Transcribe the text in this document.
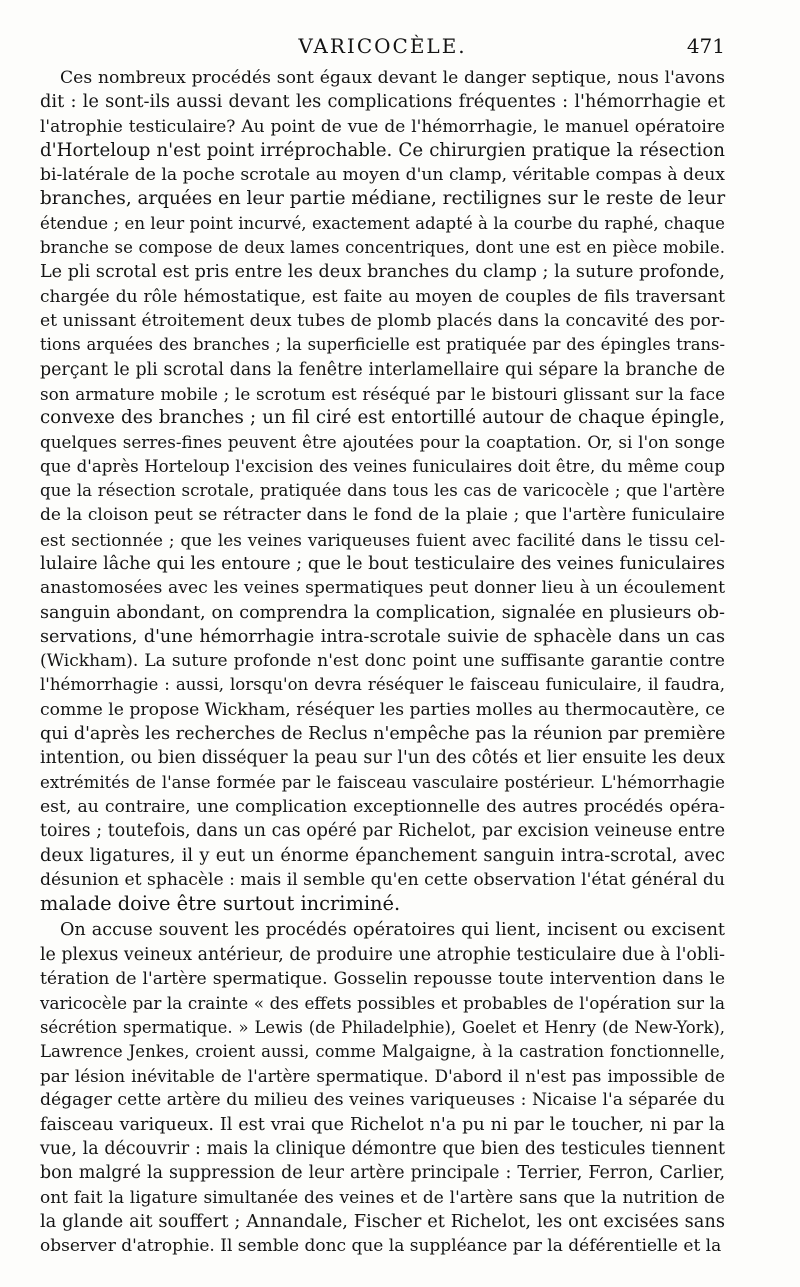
VARICOCÈLE.	471
Ces nombreux procédés sont égaux devant le danger septique, nous l'avons
dit : le sont-ils aussi devant les complications fréquentes : l'hémorrhagie et
l'atrophie testiculaire? Au point de vue de l'hémorrhagie, le manuel opératoire
d'Horteloup n'est point irréprochable. Ce chirurgien pratique la résection
bi-latérale de la poche scrotale au moyen d'un clamp, véritable compas à deux
branches, arquées en leur partie médiane, rectilignes sur le reste de leur
étendue ; en leur point incurvé, exactement adapté à la courbe du raphé, chaque
branche se compose de deux lames concentriques, dont une est en pièce mobile.
Le pli scrotal est pris entre les deux branches du clamp ; la suture profonde,
chargée du rôle hémostatique, est faite au moyen de couples de fils traversant
et unissant étroitement deux tubes de plomb placés dans la concavité des por-
tions arquées des branches ; la superficielle est pratiquée par des épingles trans-
perçant le pli scrotal dans la fenêtre interlamellaire qui sépare la branche de
son armature mobile ; le scrotum est réséqué par le bistouri glissant sur la face
convexe des branches ; un fil ciré est entortillé autour de chaque épingle,
quelques serres-fines peuvent être ajoutées pour la coaptation. Or, si l'on songe
que d'après Horteloup l'excision des veines funiculaires doit être, du même coup
que la résection scrotale, pratiquée dans tous les cas de varicocèle ; que l'artère
de la cloison peut se rétracter dans le fond de la plaie ; que l'artère funiculaire
est sectionnée ; que les veines variqueuses fuient avec facilité dans le tissu cel-
lulaire lâche qui les entoure ; que le bout testiculaire des veines funiculaires
anastomosées avec les veines spermatiques peut donner lieu à un écoulement
sanguin abondant, on comprendra la complication, signalée en plusieurs ob-
servations, d'une hémorrhagie intra-scrotale suivie de sphacèle dans un cas
(Wickham). La suture profonde n'est donc point une suffisante garantie contre
l'hémorrhagie : aussi, lorsqu'on devra réséquer le faisceau funiculaire, il faudra,
comme le propose Wickham, réséquer les parties molles au thermocautère, ce
qui d'après les recherches de Reclus n'empêche pas la réunion par première
intention, ou bien disséquer la peau sur l'un des côtés et lier ensuite les deux
extrémités de l'anse formée par le faisceau vasculaire postérieur. L'hémorrhagie
est, au contraire, une complication exceptionnelle des autres procédés opéra-
toires ; toutefois, dans un cas opéré par Richelot, par excision veineuse entre
deux ligatures, il y eut un énorme épanchement sanguin intra-scrotal, avec
désunion et sphacèle : mais il semble qu'en cette observation l'état général du
malade doive être surtout incriminé.
On accuse souvent les procédés opératoires qui lient, incisent ou excisent
le plexus veineux antérieur, de produire une atrophie testiculaire due à l'obli-
tération de l'artère spermatique. Gosselin repousse toute intervention dans le
varicocèle par la crainte « des effets possibles et probables de l'opération sur la
sécrétion spermatique. » Lewis (de Philadelphie), Goelet et Henry (de New-York),
Lawrence Jenkes, croient aussi, comme Malgaigne, à la castration fonctionnelle,
par lésion inévitable de l'artère spermatique. D'abord il n'est pas impossible de
dégager cette artère du milieu des veines variqueuses : Nicaise l'a séparée du
faisceau variqueux. Il est vrai que Richelot n'a pu ni par le toucher, ni par la
vue, la découvrir : mais la clinique démontre que bien des testicules tiennent
bon malgré la suppression de leur artère principale : Terrier, Ferron, Carlier,
ont fait la ligature simultanée des veines et de l'artère sans que la nutrition de
la glande ait souffert ; Annandale, Fischer et Richelot, les ont excisées sans
observer d'atrophie. Il semble donc que la suppléance par la déférentielle et la
